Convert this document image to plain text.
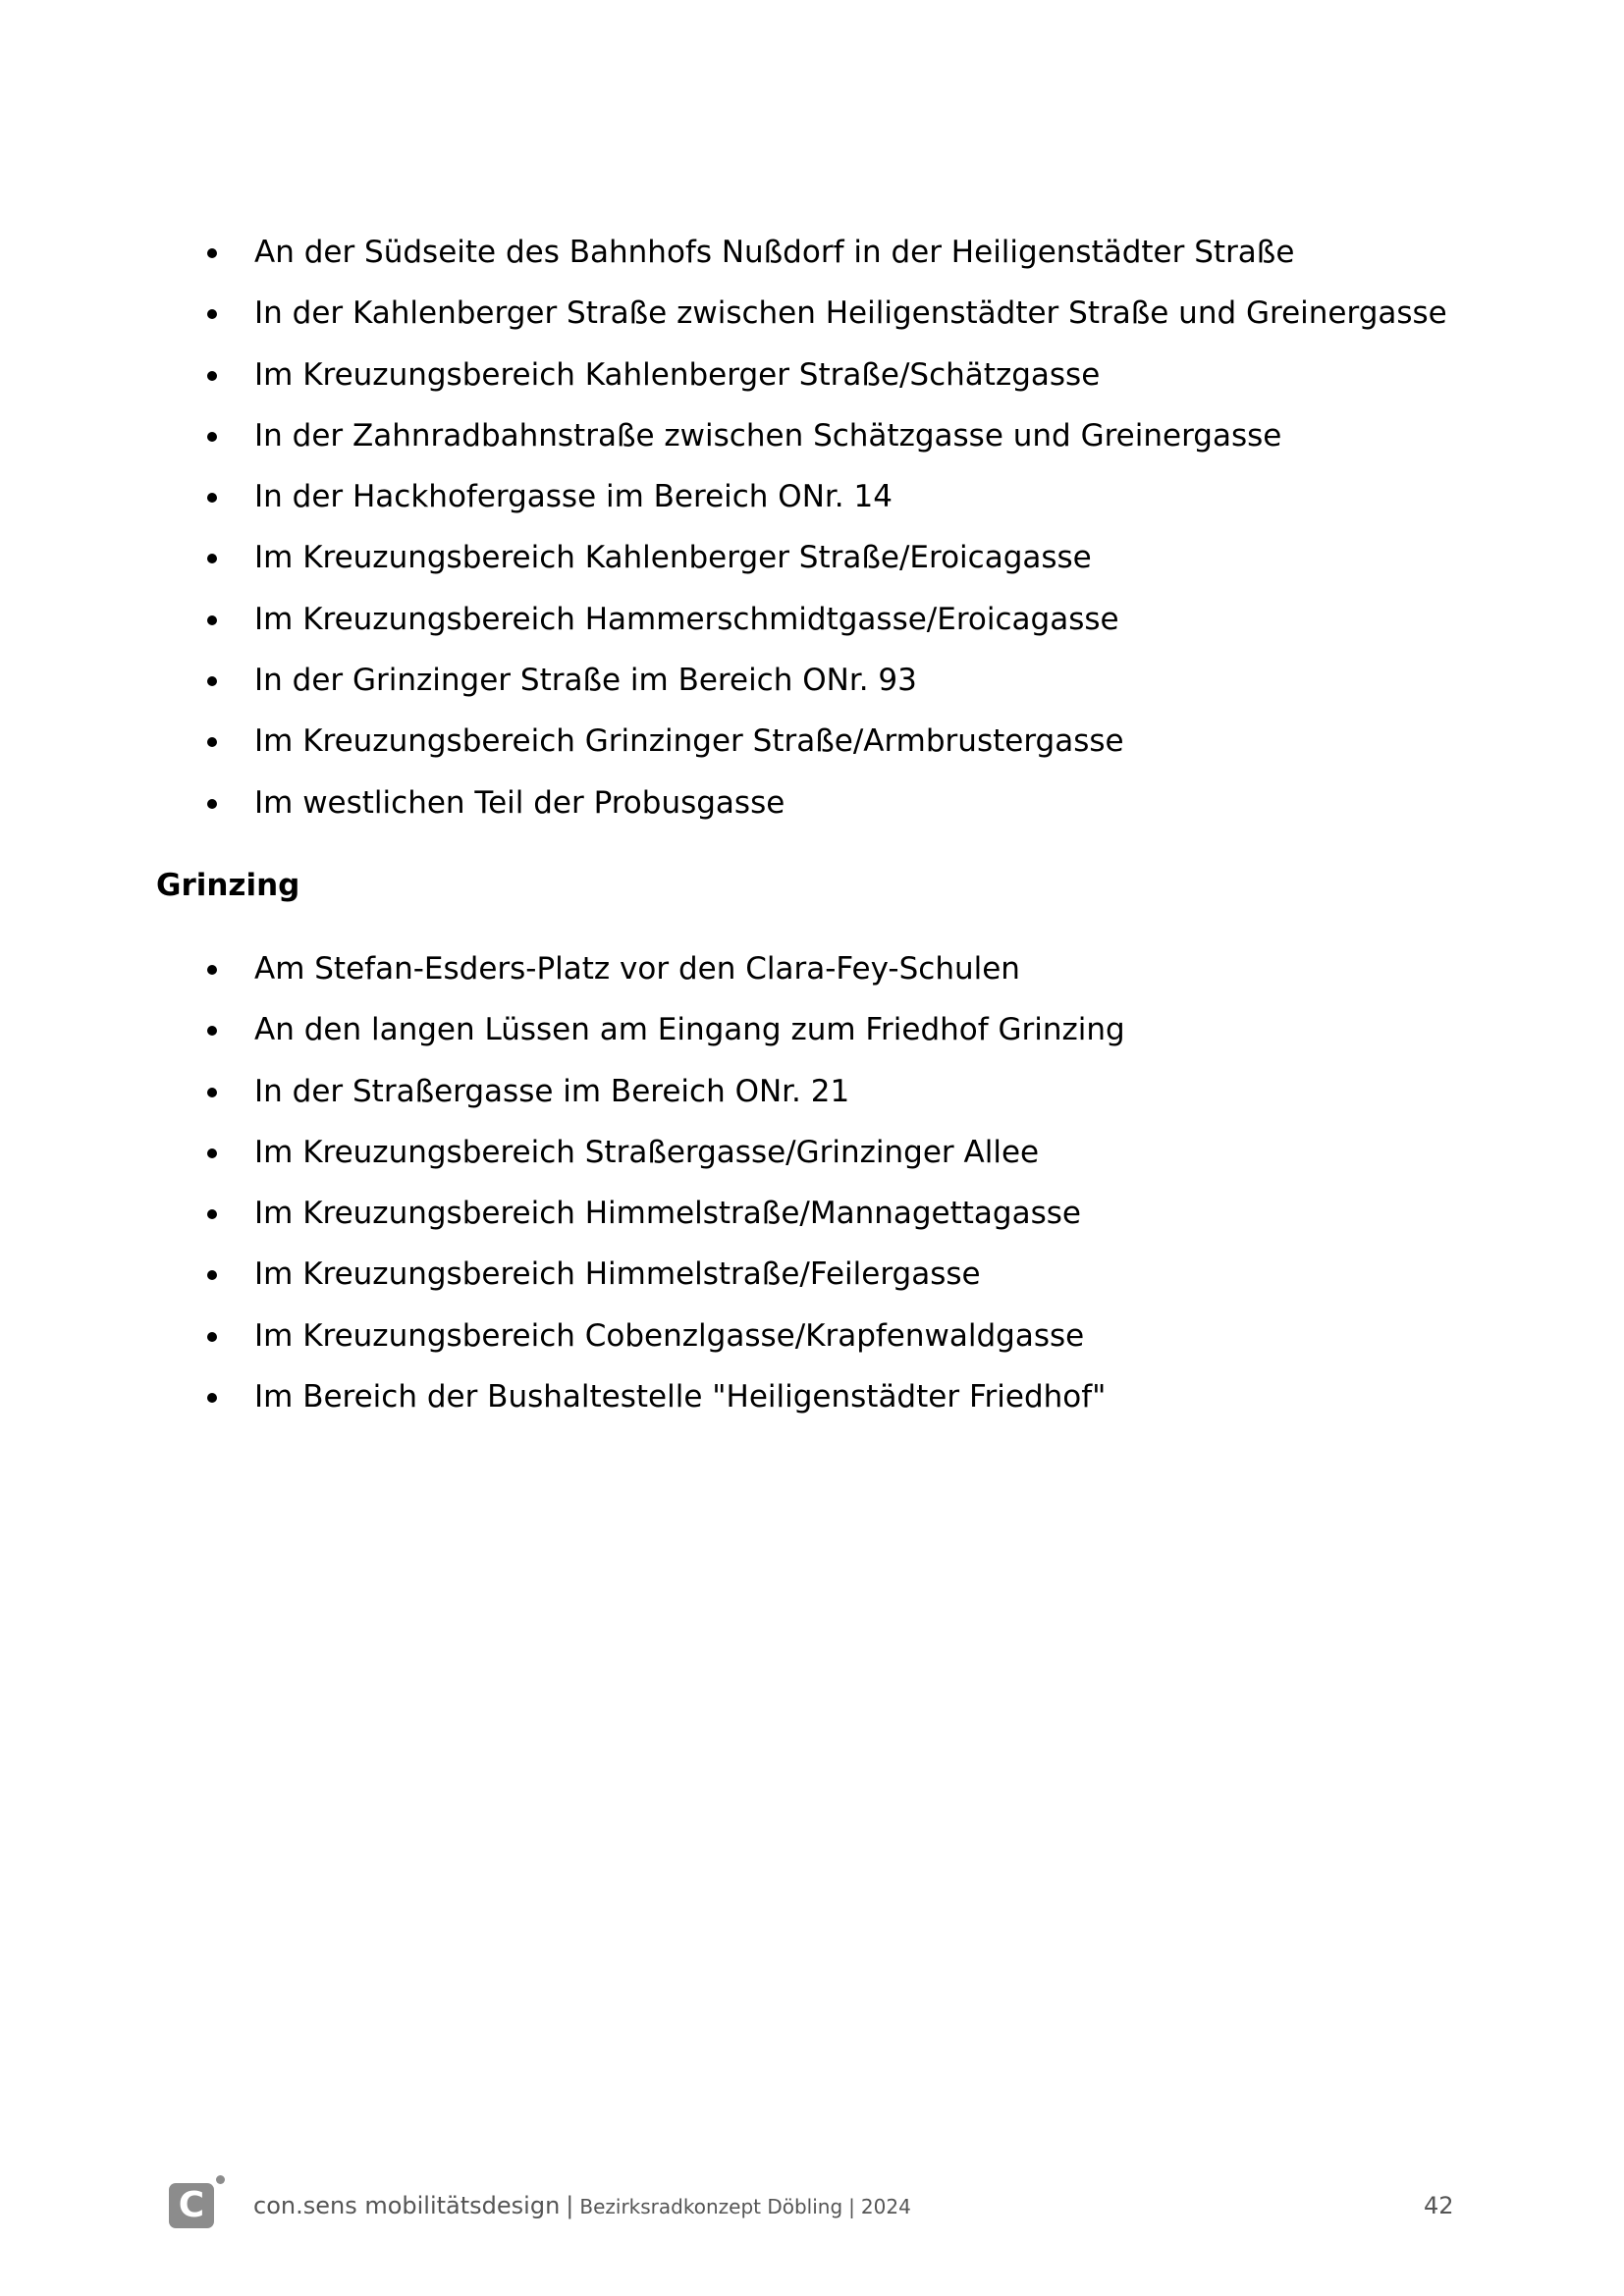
An der Südseite des Bahnhofs Nußdorf in der Heiligenstädter Straße
In der Kahlenberger Straße zwischen Heiligenstädter Straße und Greinergasse
Im Kreuzungsbereich Kahlenberger Straße/Schätzgasse
In der Zahnradbahnstraße zwischen Schätzgasse und Greinergasse
In der Hackhofergasse im Bereich ONr. 14
Im Kreuzungsbereich Kahlenberger Straße/Eroicagasse
Im Kreuzungsbereich Hammerschmidtgasse/Eroicagasse
In der Grinzinger Straße im Bereich ONr. 93
Im Kreuzungsbereich Grinzinger Straße/Armbrustergasse
Im westlichen Teil der Probusgasse
Grinzing
Am Stefan-Esders-Platz vor den Clara-Fey-Schulen
An den langen Lüssen am Eingang zum Friedhof Grinzing
In der Straßergasse im Bereich ONr. 21
Im Kreuzungsbereich Straßergasse/Grinzinger Allee
Im Kreuzungsbereich Himmelstraße/Mannagettagasse
Im Kreuzungsbereich Himmelstraße/Feilergasse
Im Kreuzungsbereich Cobenzlgasse/Krapfenwaldgasse
Im Bereich der Bushaltestelle "Heiligenstädter Friedhof"
C	con.sens mobilitätsdesign | Bezirksradkonzept Döbling | 2024	42
